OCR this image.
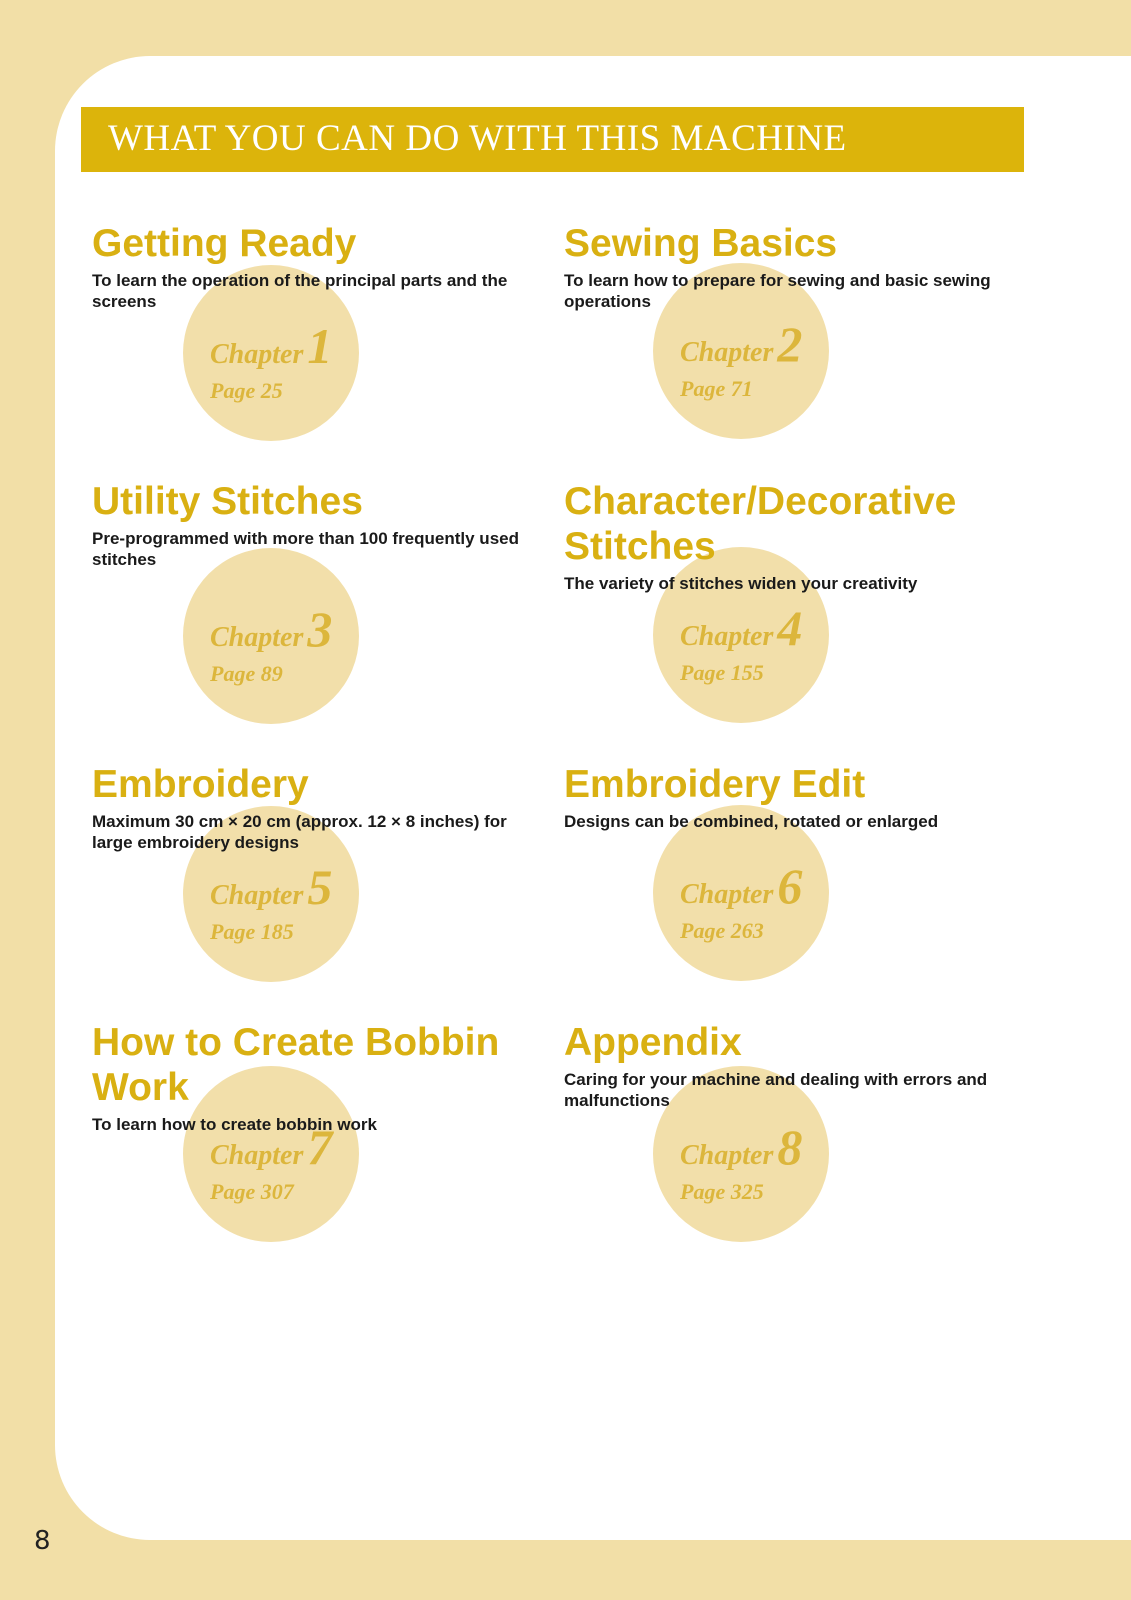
WHAT YOU CAN DO WITH THIS MACHINE
Chapter1
Page 25
Getting Ready

To learn the operation of the principal parts and the screens

Chapter2
Page 71
Sewing Basics

To learn how to prepare for sewing and basic sewing operations

Chapter3
Page 89
Utility Stitches

Pre-programmed with more than 100 frequently used stitches

Chapter4
Page 155
Character/Decorative Stitches

The variety of stitches widen your creativity

Chapter5
Page 185
Embroidery

Maximum 30 cm × 20 cm (approx. 12 × 8 inches) for large embroidery designs

Chapter6
Page 263
Embroidery Edit

Designs can be combined, rotated or enlarged

Chapter7
Page 307
How to Create Bobbin Work

To learn how to create bobbin work

Chapter8
Page 325
Appendix

Caring for your machine and dealing with errors and malfunctions

8
